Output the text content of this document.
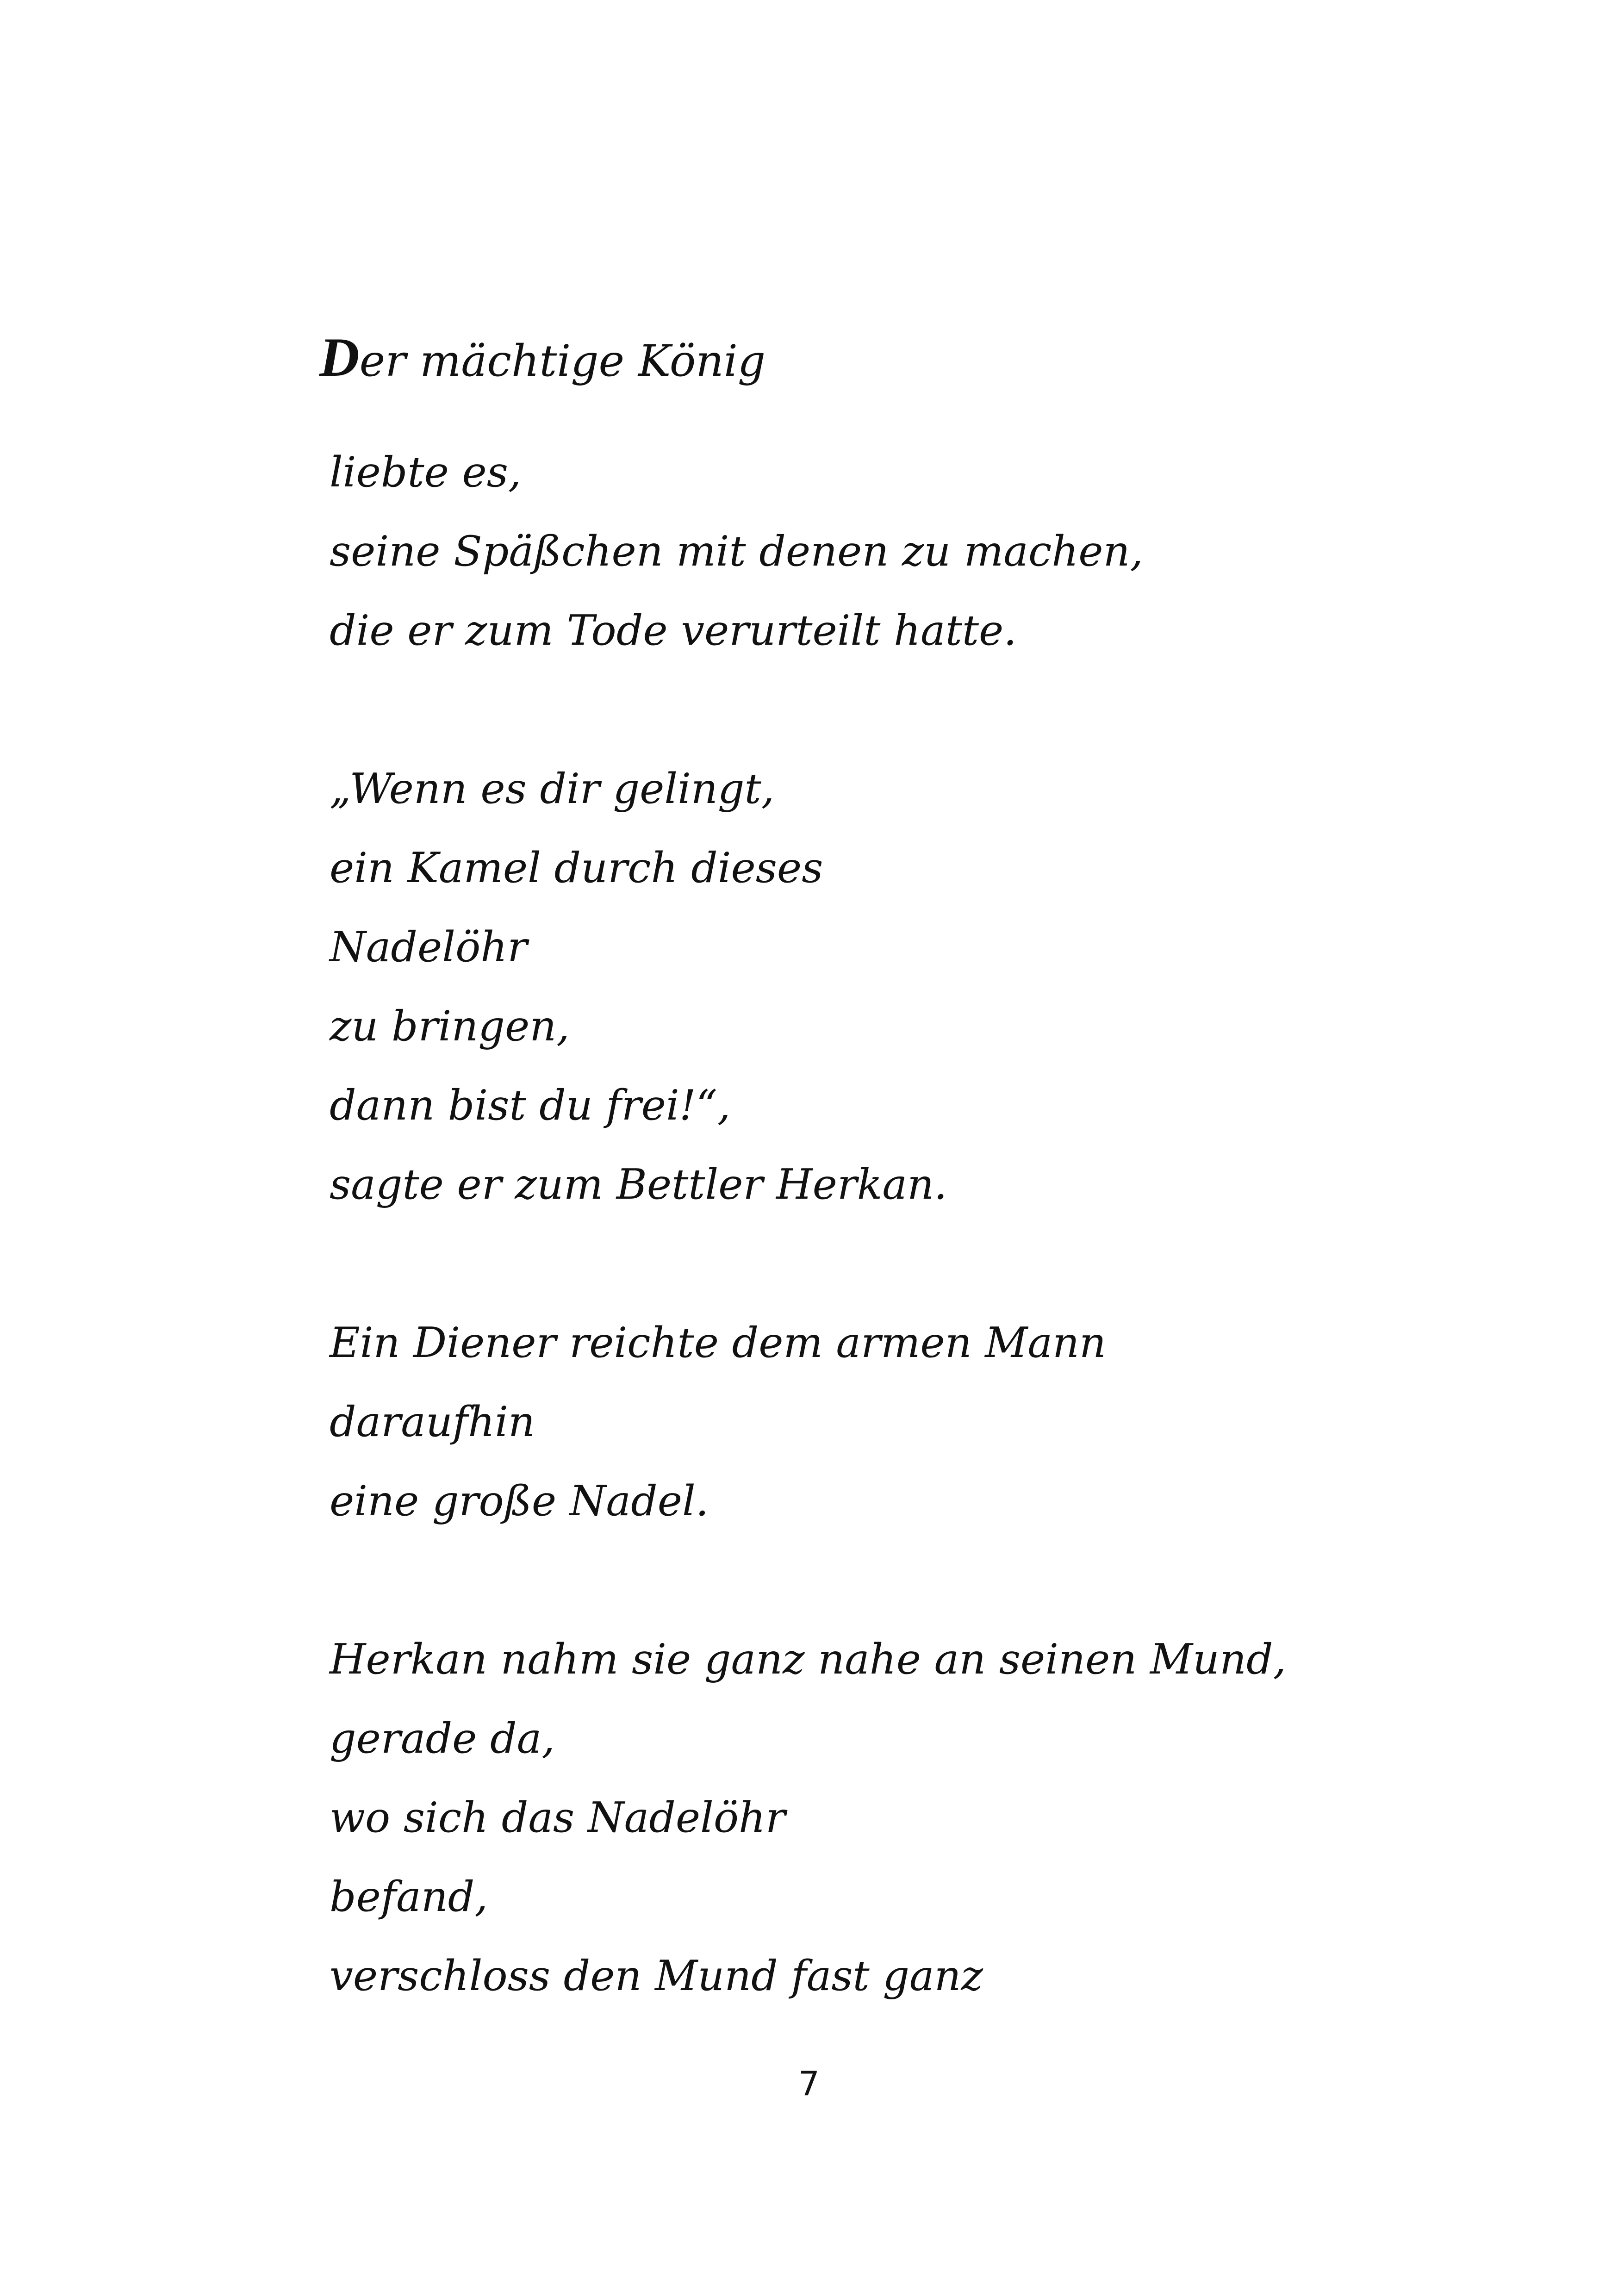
Der mächtige König
liebte es,
seine Späßchen mit denen zu machen,
die er zum Tode verurteilt hatte.
„Wenn es dir gelingt,
ein Kamel durch dieses
Nadelöhr
zu bringen,
dann bist du frei!“,
sagte er zum Bettler Herkan.
Ein Diener reichte dem armen Mann
daraufhin
eine große Nadel.
Herkan nahm sie ganz nahe an seinen Mund,
gerade da,
wo sich das Nadelöhr
befand,
verschloss den Mund fast ganz
7
